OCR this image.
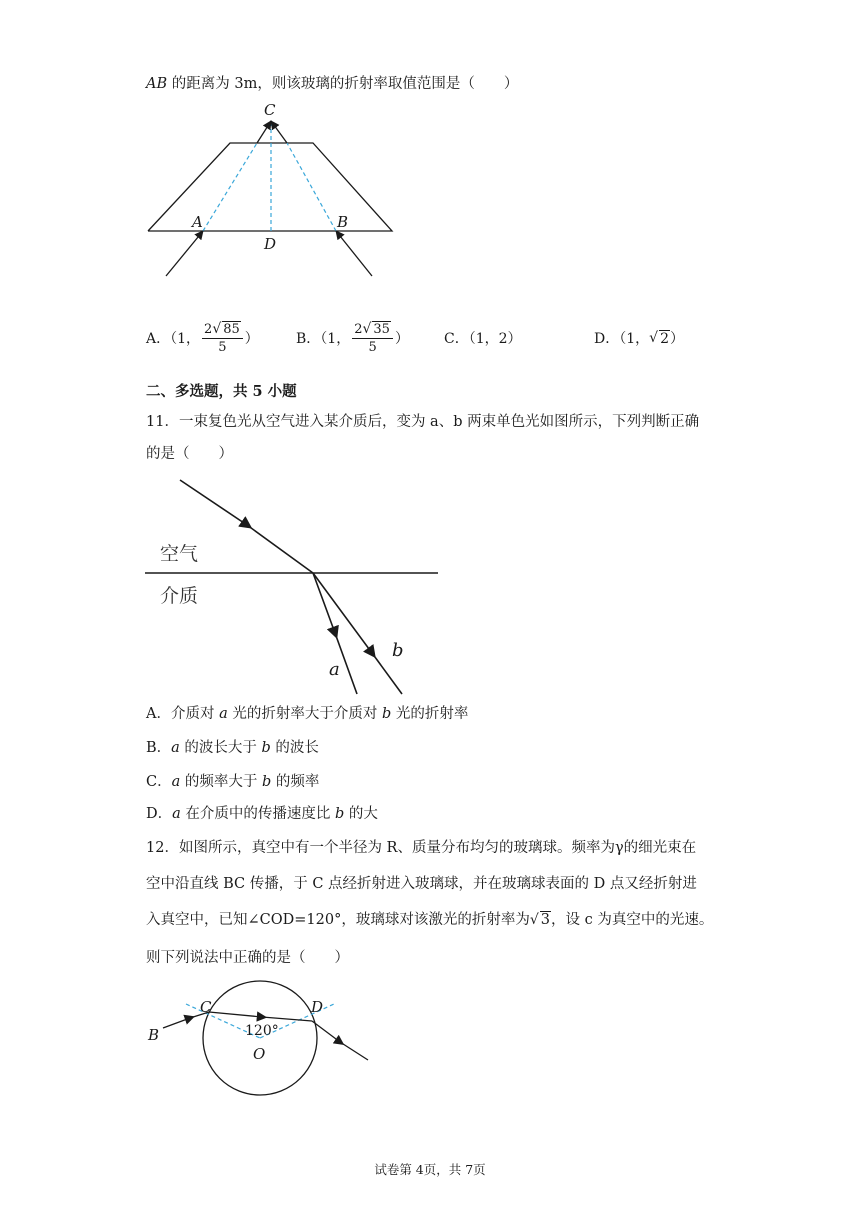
AB 的距离为 3m，则该玻璃的折射率取值范围是（　　）
C
A	B
D
A．（1， $\frac{2√ 85}{5}$ ）	B．（1， $\frac{2√ 35}{5}$ ）	C．（1，2）	D．（1， √ 2 ）
二、多选题，共 5 小题
11．一束复色光从空气进入某介质后，变为 a、b 两束单色光如图所示，下列判断正确
的是（　　）
空气
介质
a
b
A．介质对 a 光的折射率大于介质对 b 光的折射率
B．a 的波长大于 b 的波长
C．a 的频率大于 b 的频率
D．a 在介质中的传播速度比 b 的大
12．如图所示，真空中有一个半径为 R、质量分布均匀的玻璃球。频率为γ的细光束在
空中沿直线 BC 传播，于 C 点经折射进入玻璃球，并在玻璃球表面的 D 点又经折射进
入真空中，已知∠COD=120°，玻璃球对该激光的折射率为√ 3，设 c 为真空中的光速。
则下列说法中正确的是（　　）
B
C	D
O
120°
试卷第 4页，共 7页
